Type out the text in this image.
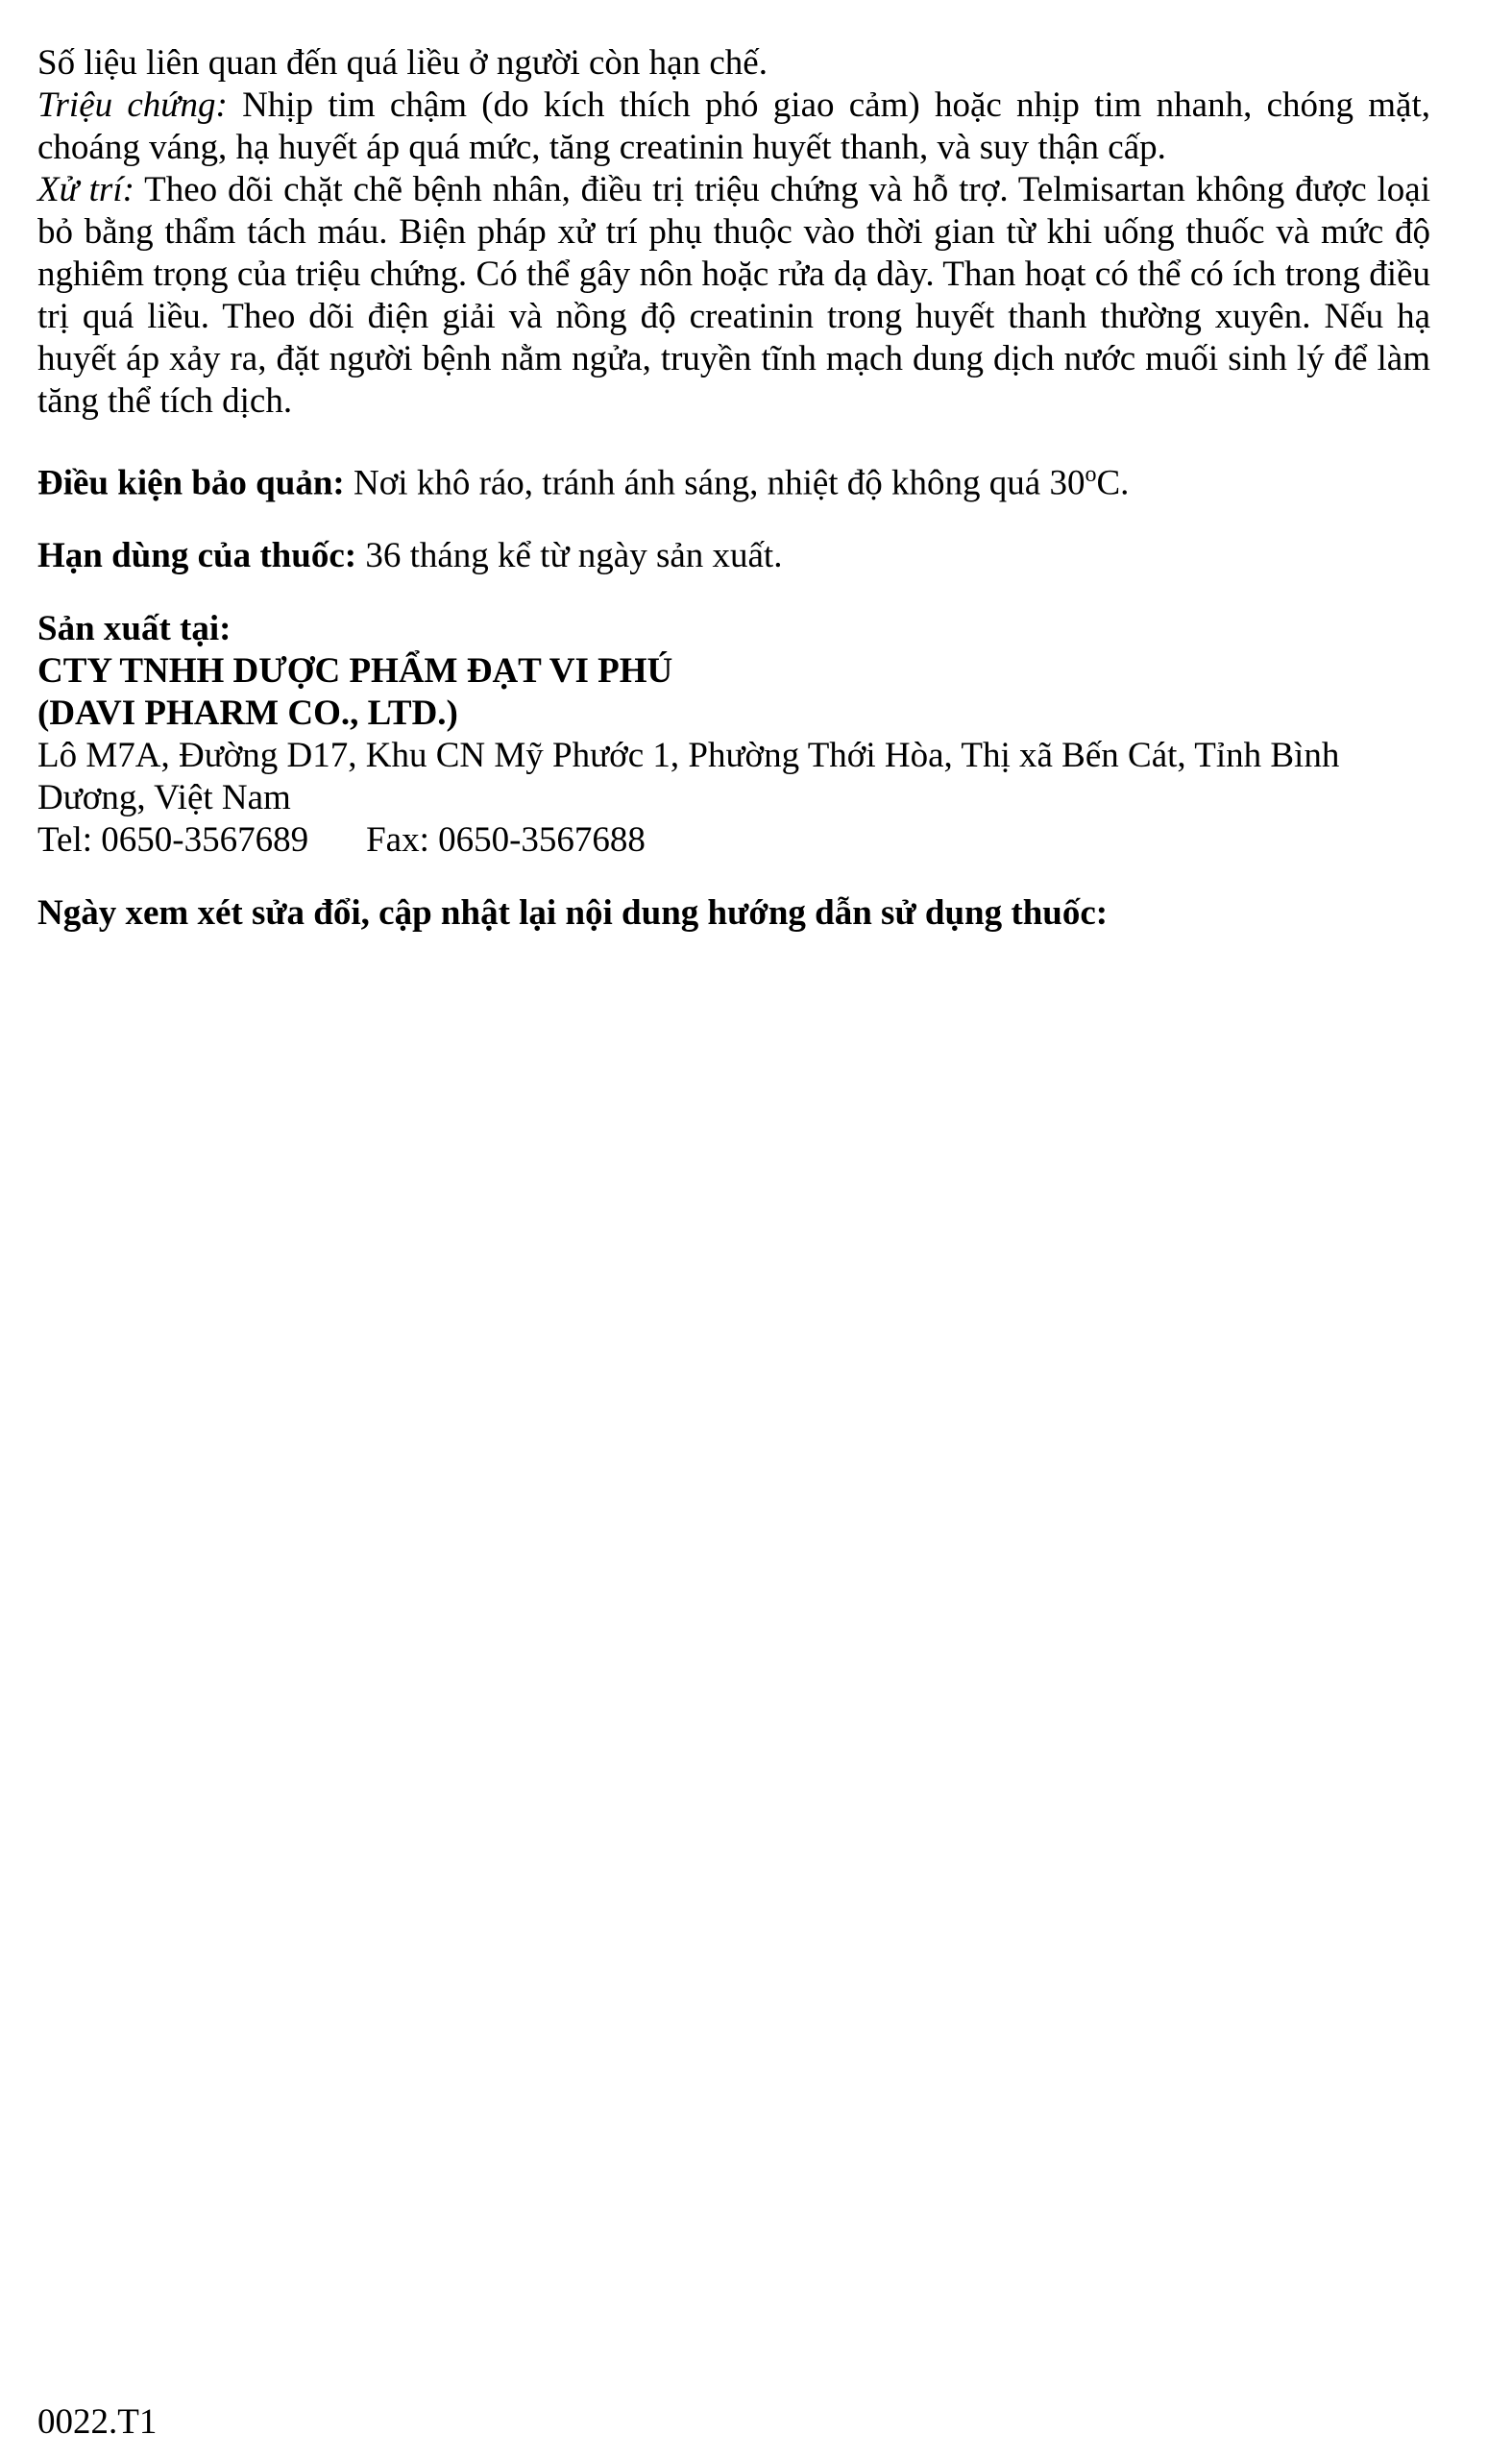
Số liệu liên quan đến quá liều ở người còn hạn chế.

Triệu chứng: Nhịp tim chậm (do kích thích phó giao cảm) hoặc nhịp tim nhanh, chóng mặt, choáng váng, hạ huyết áp quá mức, tăng creatinin huyết thanh, và suy thận cấp.

Xử trí: Theo dõi chặt chẽ bệnh nhân, điều trị triệu chứng và hỗ trợ. Telmisartan không được loại bỏ bằng thẩm tách máu. Biện pháp xử trí phụ thuộc vào thời gian từ khi uống thuốc và mức độ nghiêm trọng của triệu chứng. Có thể gây nôn hoặc rửa dạ dày. Than hoạt có thể có ích trong điều trị quá liều. Theo dõi điện giải và nồng độ creatinin trong huyết thanh thường xuyên. Nếu hạ huyết áp xảy ra, đặt người bệnh nằm ngửa, truyền tĩnh mạch dung dịch nước muối sinh lý để làm tăng thể tích dịch.

Điều kiện bảo quản: Nơi khô ráo, tránh ánh sáng, nhiệt độ không quá 30$^o$C.

Hạn dùng của thuốc: 36 tháng kể từ ngày sản xuất.

Sản xuất tại:

CTY TNHH DƯỢC PHẨM ĐẠT VI PHÚ

(DAVI PHARM CO., LTD.)

Lô M7A, Đường D17, Khu CN Mỹ Phước 1, Phường Thới Hòa, Thị xã Bến Cát, Tỉnh Bình Dương, Việt Nam

Tel: 0650-3567689 Fax: 0650-3567688

Ngày xem xét sửa đổi, cập nhật lại nội dung hướng dẫn sử dụng thuốc:

0022.T1
